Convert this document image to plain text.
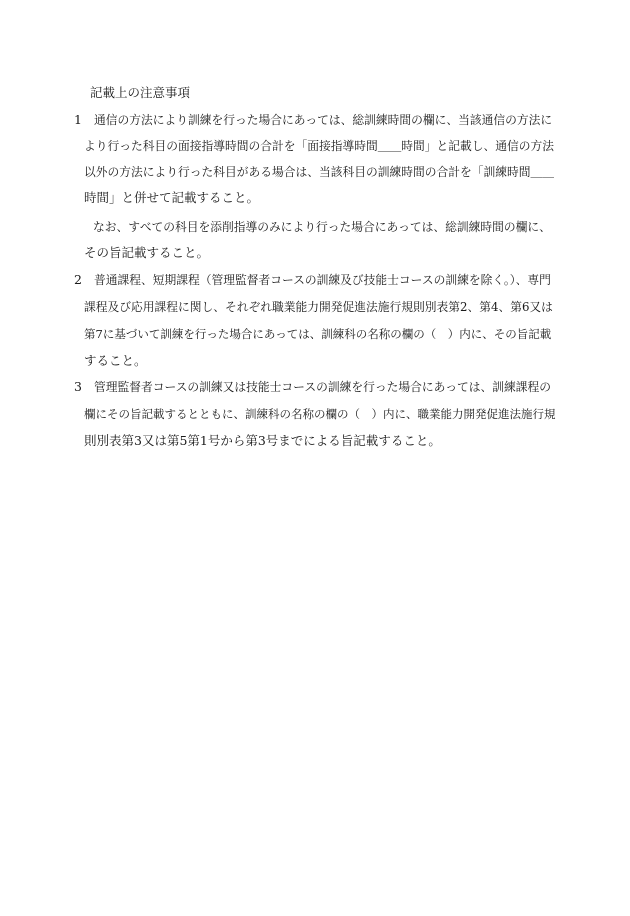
記載上の注意事項
1 通信の方法により訓練を行った場合にあっては、総訓練時間の欄に、当該通信の方法に
より行った科目の面接指導時間の合計を「面接指導時間＿＿時間」と記載し、通信の方法
以外の方法により行った科目がある場合は、当該科目の訓練時間の合計を「訓練時間＿＿
時間」と併せて記載すること。
なお、すべての科目を添削指導のみにより行った場合にあっては、総訓練時間の欄に、
その旨記載すること。
2 普通課程、短期課程（管理監督者コースの訓練及び技能士コースの訓練を除く。）、専門
課程及び応用課程に関し、それぞれ職業能力開発促進法施行規則別表第2、第4、第6又は
第7に基づいて訓練を行った場合にあっては、訓練科の名称の欄の（　）内に、その旨記載
すること。
3 管理監督者コースの訓練又は技能士コースの訓練を行った場合にあっては、訓練課程の
欄にその旨記載するとともに、訓練科の名称の欄の（　）内に、職業能力開発促進法施行規
則別表第3又は第5第1号から第3号までによる旨記載すること。
